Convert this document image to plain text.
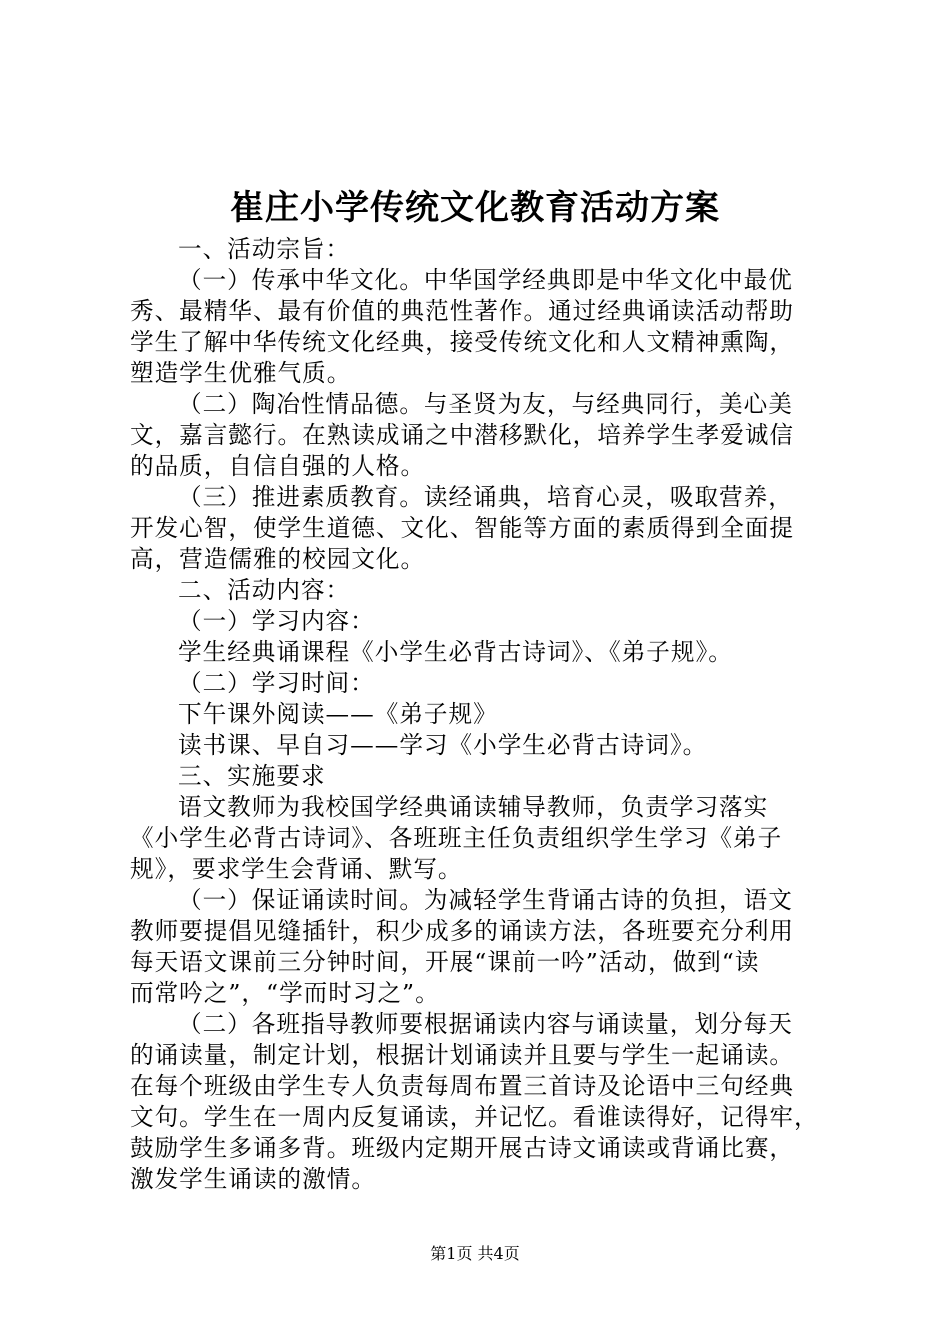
崔庄小学传统文化教育活动方案
一、活动宗旨：
（一）传承中华文化。中华国学经典即是中华文化中最优
秀、最精华、最有价值的典范性著作。通过经典诵读活动帮助
学生了解中华传统文化经典，接受传统文化和人文精神熏陶，
塑造学生优雅气质。
（二）陶冶性情品德。与圣贤为友，与经典同行，美心美
文，嘉言懿行。在熟读成诵之中潜移默化，培养学生孝爱诚信
的品质，自信自强的人格。
（三）推进素质教育。读经诵典，培育心灵，吸取营养，
开发心智，使学生道德、文化、智能等方面的素质得到全面提
高，营造儒雅的校园文化。
二、活动内容：
（一）学习内容：
学生经典诵课程《小学生必背古诗词》、《弟子规》。
（二）学习时间：
下午课外阅读——《弟子规》
读书课、早自习——学习《小学生必背古诗词》。
三、实施要求
语文教师为我校国学经典诵读辅导教师，负责学习落实
《小学生必背古诗词》、各班班主任负责组织学生学习《弟子
规》，要求学生会背诵、默写。
（一）保证诵读时间。为减轻学生背诵古诗的负担，语文
教师要提倡见缝插针，积少成多的诵读方法，各班要充分利用
每天语文课前三分钟时间，开展“课前一吟”活动，做到“读
而常吟之”，“学而时习之”。
（二）各班指导教师要根据诵读内容与诵读量，划分每天
的诵读量，制定计划，根据计划诵读并且要与学生一起诵读。
在每个班级由学生专人负责每周布置三首诗及论语中三句经典
文句。学生在一周内反复诵读，并记忆。看谁读得好，记得牢，
鼓励学生多诵多背。班级内定期开展古诗文诵读或背诵比赛，
激发学生诵读的激情。
第1页 共4页
